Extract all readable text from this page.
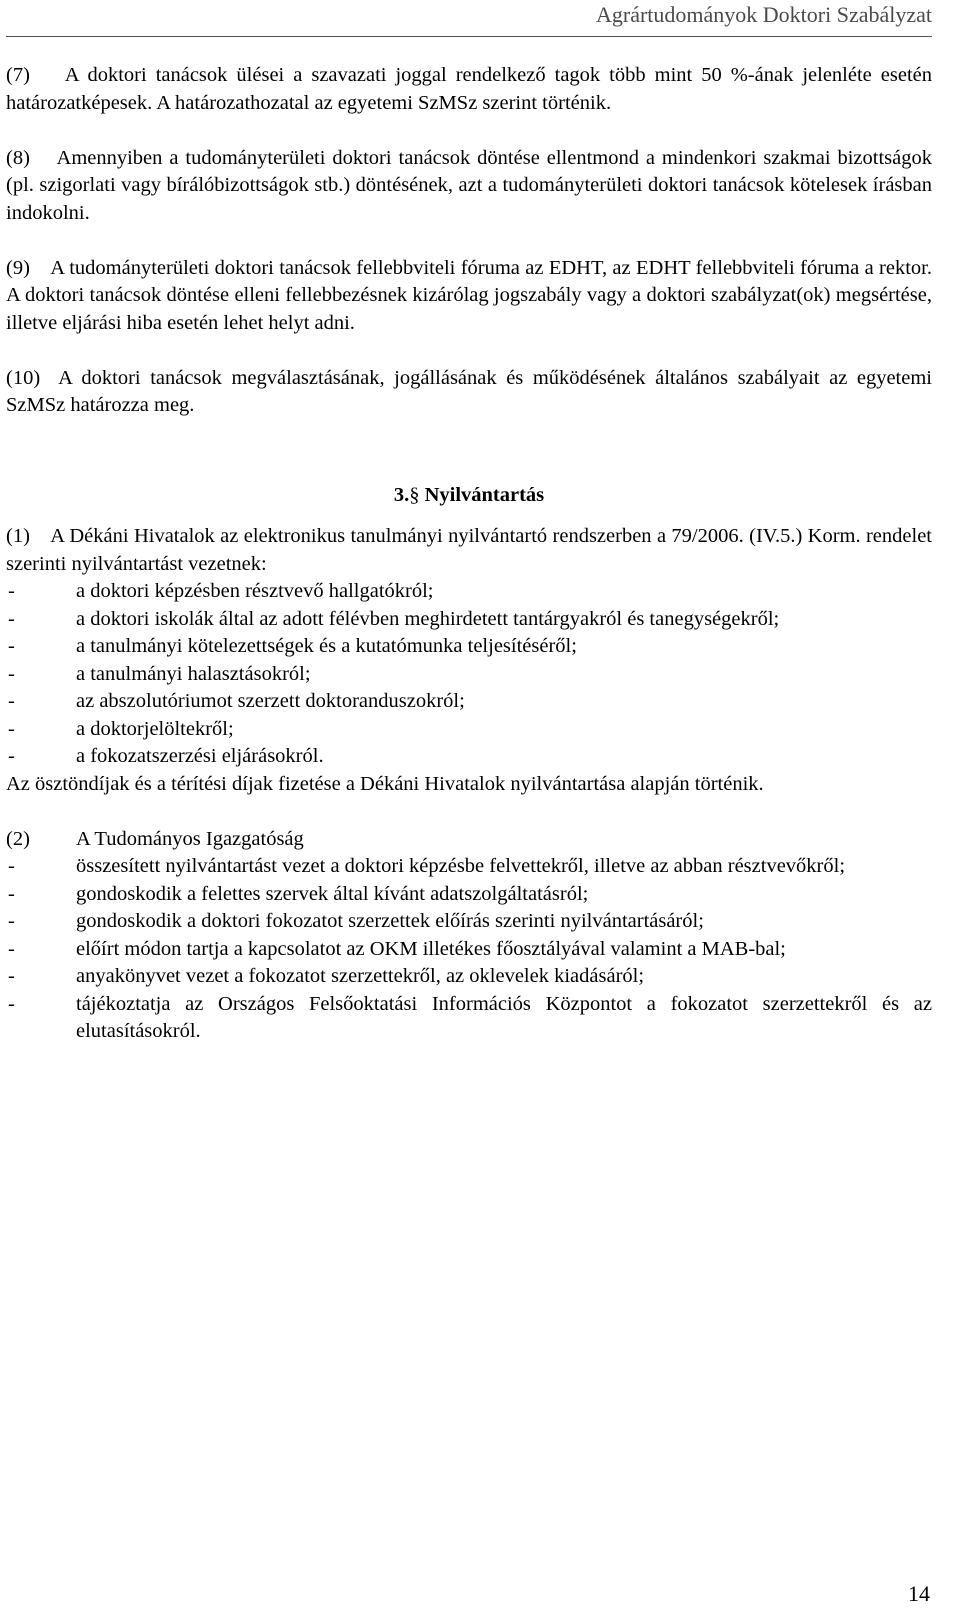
Agrártudományok Doktori Szabályzat

(7)    A doktori tanácsok ülései a szavazati joggal rendelkező tagok több mint 50 %-ának jelenléte esetén határozatképesek. A határozathozatal az egyetemi SzMSz szerint történik.

(8)    Amennyiben a tudományterületi doktori tanácsok döntése ellentmond a mindenkori szakmai bizottságok (pl. szigorlati vagy bírálóbizottságok stb.) döntésének, azt a tudományterületi doktori tanácsok kötelesek írásban indokolni.

(9)    A tudományterületi doktori tanácsok fellebbviteli fóruma az EDHT, az EDHT fellebbviteli fóruma a rektor. A doktori tanácsok döntése elleni fellebbezésnek kizárólag jogszabály vagy a doktori szabályzat(ok) megsértése, illetve eljárási hiba esetén lehet helyt adni.

(10)  A doktori tanácsok megválasztásának, jogállásának és működésének általános szabályait az egyetemi SzMSz határozza meg.

3.§ Nyilvántartás

(1)    A Dékáni Hivatalok az elektronikus tanulmányi nyilvántartó rendszerben a 79/2006. (IV.5.) Korm. rendelet szerinti nyilvántartást vezetnek:

-	a doktori képzésben résztvevő hallgatókról;
-	a doktori iskolák által az adott félévben meghirdetett tantárgyakról és tanegységekről;
-	a tanulmányi kötelezettségek és a kutatómunka teljesítéséről;
-	a tanulmányi halasztásokról;
-	az abszolutóriumot szerzett doktoranduszokról;
-	a doktorjelöltekről;
-	a fokozatszerzési eljárásokról.

Az ösztöndíjak és a térítési díjak fizetése a Dékáni Hivatalok nyilvántartása alapján történik.

(2)	A Tudományos Igazgatóság
-	összesített nyilvántartást vezet a doktori képzésbe felvettekről, illetve az abban résztvevőkről;
-	gondoskodik a felettes szervek által kívánt adatszolgáltatásról;
-	gondoskodik a doktori fokozatot szerzettek előírás szerinti nyilvántartásáról;
-	előírt módon tartja a kapcsolatot az OKM illetékes főosztályával valamint a MAB-bal;
-	anyakönyvet vezet a fokozatot szerzettekről, az oklevelek kiadásáról;
-	tájékoztatja az Országos Felsőoktatási Információs Központot a fokozatot szerzettekről és az elutasításokról.
14
